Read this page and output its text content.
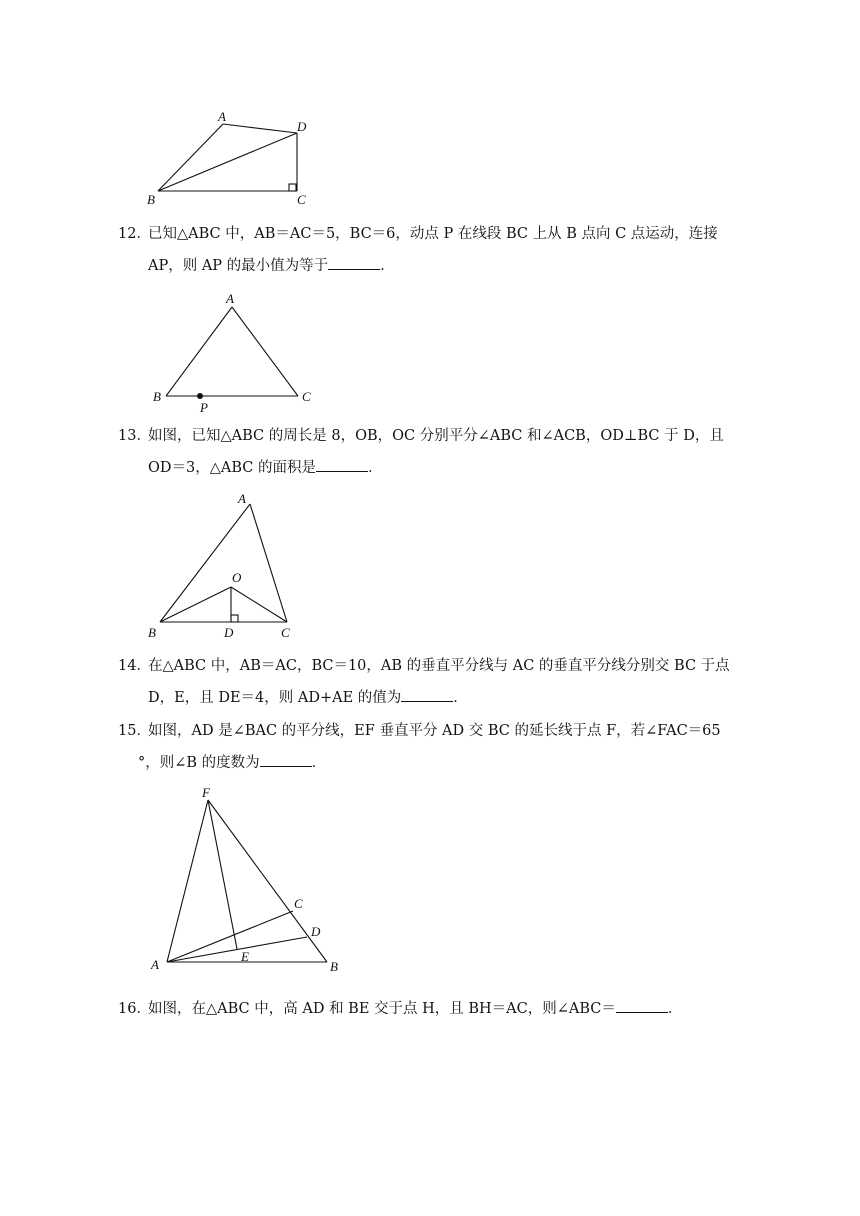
A
D
B	C
12．已知△ABC 中，AB＝AC＝5，BC＝6，动点 P 在线段 BC 上从 B 点向 C 点运动，连接
AP，则 AP 的最小值为等于	．
A
B	C
P
13．如图，已知△ABC 的周长是 8，OB，OC 分别平分∠ABC 和∠ACB，OD⊥BC 于 D，且
OD＝3，△ABC 的面积是	．
A
O
B	D	C
14．在△ABC 中，AB＝AC，BC＝10，AB 的垂直平分线与 AC 的垂直平分线分别交 BC 于点
D，E，且 DE＝4，则 AD+AE 的值为	．
15．如图，AD 是∠BAC 的平分线，EF 垂直平分 AD 交 BC 的延长线于点 F，若∠FAC＝65
°，则∠B 的度数为	．
F
C
D
A
E
B
16．如图，在△ABC 中，高 AD 和 BE 交于点 H，且 BH＝AC，则∠ABC＝	．
